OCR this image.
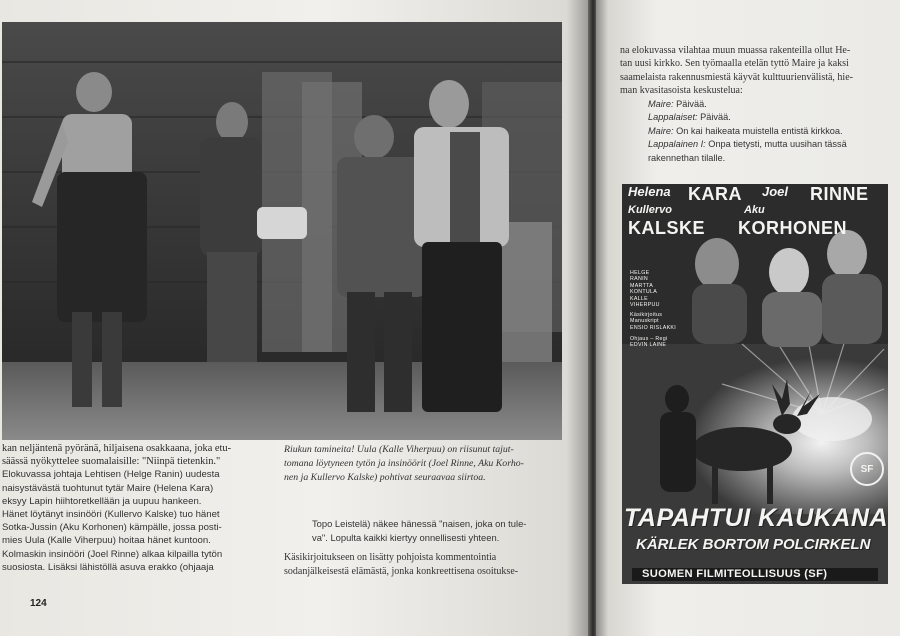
kan neljäntenä pyöränä, hiljaisena osakkaana, joka etu-
säässä nyökyttelee suomalaisille: "Niinpä tietenkin."
Elokuvassa johtaja Lehtisen (Helge Ranin) uudesta
naisystävästä tuohtunut tytär Maire (Helena Kara)
eksyy Lapin hiihtoretkellään ja uupuu hankeen.
Hänet löytänyt insinööri (Kullervo Kalske) tuo hänet
Sotka-Jussin (Aku Korhonen) kämpälle, jossa posti-
mies Uula (Kalle Viherpuu) hoitaa hänet kuntoon.
Kolmaskin insinööri (Joel Rinne) alkaa kilpailla tytön
suosiosta. Lisäksi lähistöllä asuva erakko (ohjaaja
Riukun tamineita! Uula (Kalle Viherpuu) on riisunut tajut-
tomana löytyneen tytön ja insinöörit (Joel Rinne, Aku Korho-
nen ja Kullervo Kalske) pohtivat seuraavaa siirtoa.
Topo Leistelä) näkee hänessä "naisen, joka on tule-
va". Lopulta kaikki kiertyy onnellisesti yhteen.
Käsikirjoitukseen on lisätty pohjoista kommentointia
sodanjälkeisestä elämästä, jonka konkreettisena osoitukse-
124
na elokuvassa vilahtaa muun muassa rakenteilla ollut He-
tan uusi kirkko. Sen työmaalla etelän tyttö Maire ja kaksi
saamelaista rakennusmiestä käyvät kulttuurienvälistä, hie-
man kvasitasoista keskustelua:
Maire: Päivää.
Lappalaiset: Päivää.
Maire: On kai haikeata muistella entistä kirkkoa.
Lappalainen I: Onpa tietysti, mutta uusihan tässä
rakennethan tilalle.
Helena KARA Joel RINNE
Kullervo
KALSKE
Aku
KORHONEN
HELGE
RANIN
MARTTA
KONTULA
KALLE
VIHERPUU
Käsikirjoitus
Manuskript
ENSIO RISLAKKI
Ohjaus – Regi
EDVIN LAINE
SF
TAPAHTUI KAUKANA
KÄRLEK BORTOM POLCIRKELN
SUOMEN FILMITEOLLISUUS (SF)
